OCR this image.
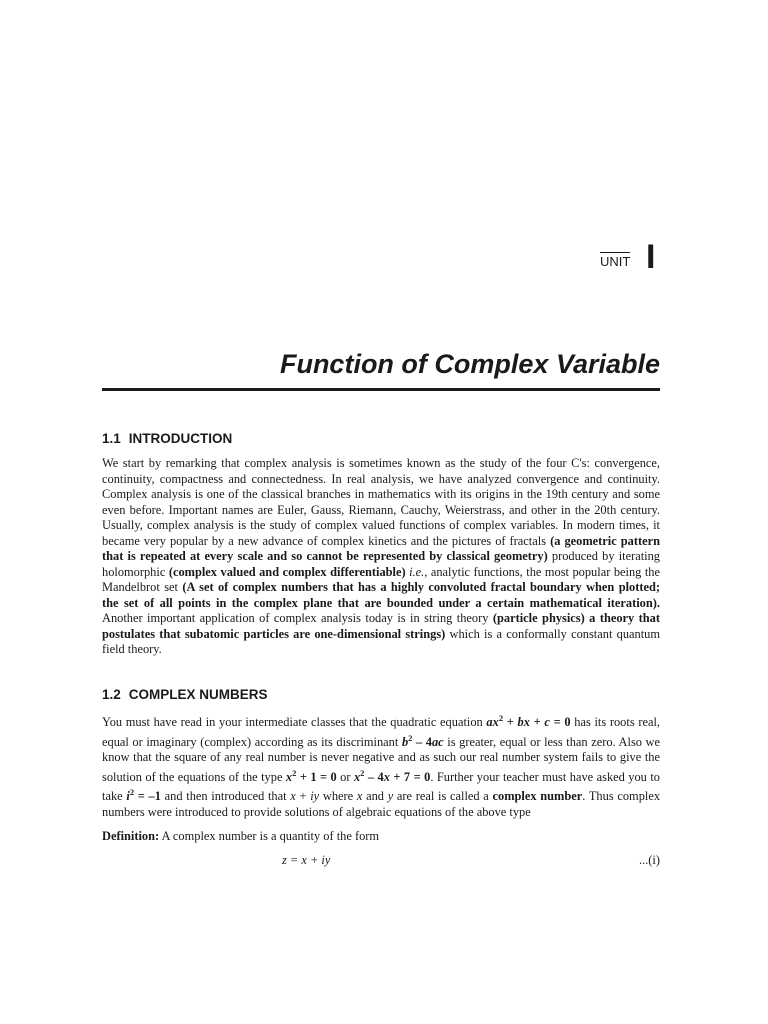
UNIT I
Function of Complex Variable
1.1 INTRODUCTION
We start by remarking that complex analysis is sometimes known as the study of the four C's: convergence, continuity, compactness and connectedness. In real analysis, we have analyzed convergence and continuity. Complex analysis is one of the classical branches in mathematics with its origins in the 19th century and some even before. Important names are Euler, Gauss, Riemann, Cauchy, Weierstrass, and other in the 20th century. Usually, complex analysis is the study of complex valued functions of complex variables. In modern times, it became very popular by a new advance of complex kinetics and the pictures of fractals (a geometric pattern that is repeated at every scale and so cannot be represented by classical geometry) produced by iterating holomorphic (complex valued and complex differentiable) i.e., analytic functions, the most popular being the Mandelbrot set (A set of complex numbers that has a highly convoluted fractal boundary when plotted; the set of all points in the complex plane that are bounded under a certain mathematical iteration). Another important application of complex analysis today is in string theory (particle physics) a theory that postulates that subatomic particles are one-dimensional strings) which is a conformally constant quantum field theory.
1.2 COMPLEX NUMBERS
You must have read in your intermediate classes that the quadratic equation $ax^2$ + bx + c = 0 has its roots real, equal or imaginary (complex) according as its discriminant $b^2 - 4ac$ is greater, equal or less than zero. Also we know that the square of any real number is never negative and as such our real number system fails to give the solution of the equations of the type $x^2 + 1 = 0$ or $x^2 - 4x + 7 = 0$. Further your teacher must have asked you to take $i^2 = -1$ and then introduced that x + iy where x and y are real is called a complex number. Thus complex numbers were introduced to provide solutions of algebraic equations of the above type
Definition: A complex number is a quantity of the form
z = x + iy	...(i)
